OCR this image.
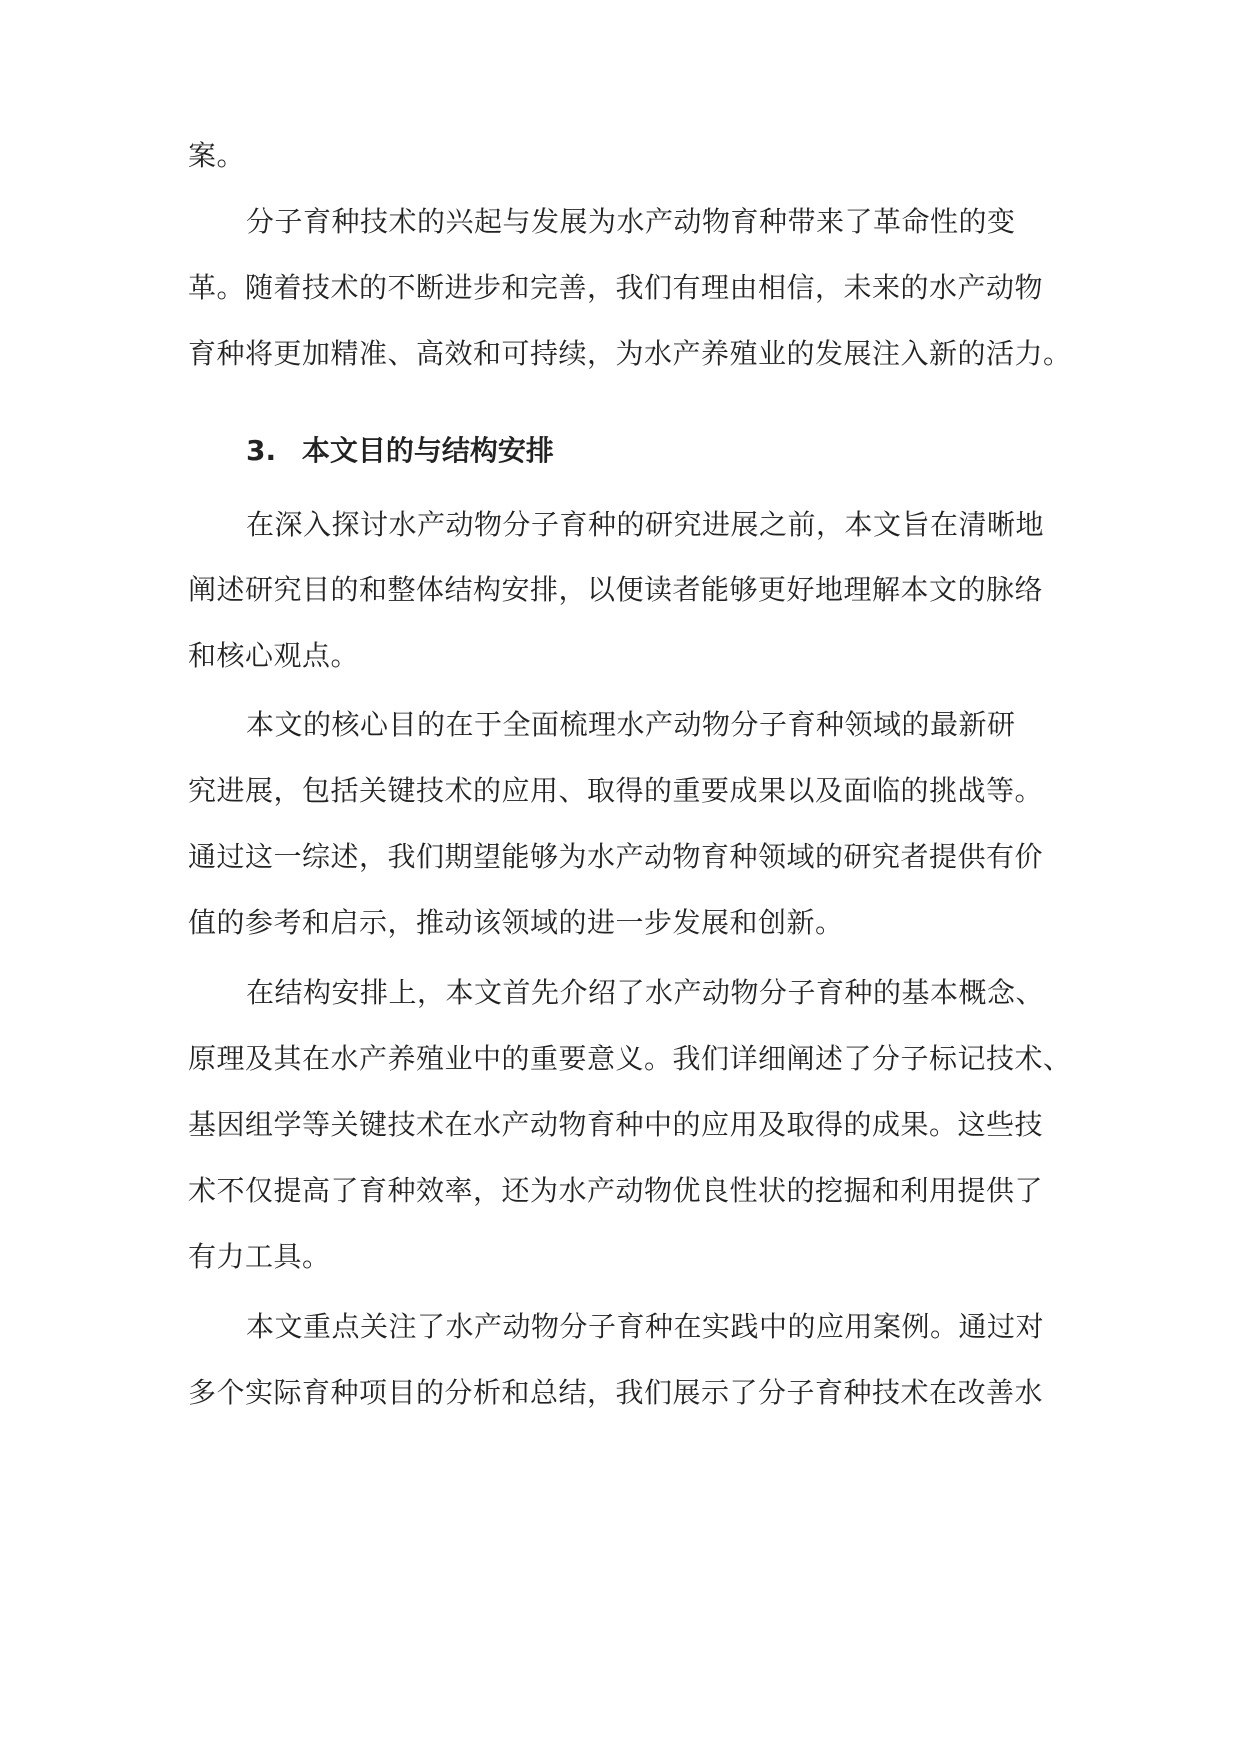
案。
分子育种技术的兴起与发展为水产动物育种带来了革命性的变
革。随着技术的不断进步和完善，我们有理由相信，未来的水产动物
育种将更加精准、高效和可持续，为水产养殖业的发展注入新的活力。
3. 本文目的与结构安排
在深入探讨水产动物分子育种的研究进展之前，本文旨在清晰地
阐述研究目的和整体结构安排，以便读者能够更好地理解本文的脉络
和核心观点。
本文的核心目的在于全面梳理水产动物分子育种领域的最新研
究进展，包括关键技术的应用、取得的重要成果以及面临的挑战等。
通过这一综述，我们期望能够为水产动物育种领域的研究者提供有价
值的参考和启示，推动该领域的进一步发展和创新。
在结构安排上，本文首先介绍了水产动物分子育种的基本概念、
原理及其在水产养殖业中的重要意义。我们详细阐述了分子标记技术、
基因组学等关键技术在水产动物育种中的应用及取得的成果。这些技
术不仅提高了育种效率，还为水产动物优良性状的挖掘和利用提供了
有力工具。
本文重点关注了水产动物分子育种在实践中的应用案例。通过对
多个实际育种项目的分析和总结，我们展示了分子育种技术在改善水
